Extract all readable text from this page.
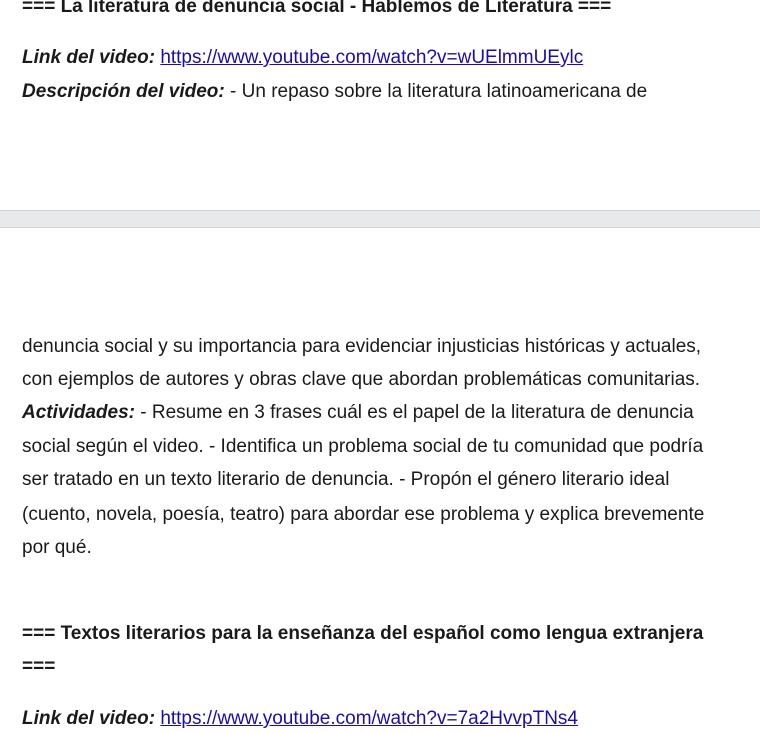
=== La literatura de denuncia social - Hablemos de Literatura ===
Link del video: https://www.youtube.com/watch?v=wUElmmUEylc
Descripción del video: - Un repaso sobre la literatura latinoamericana de
denuncia social y su importancia para evidenciar injusticias históricas y actuales,
con ejemplos de autores y obras clave que abordan problemáticas comunitarias.
Actividades: - Resume en 3 frases cuál es el papel de la literatura de denuncia
social según el video. - Identifica un problema social de tu comunidad que podría
ser tratado en un texto literario de denuncia. - Propón el género literario ideal
(cuento, novela, poesía, teatro) para abordar ese problema y explica brevemente
por qué.
=== Textos literarios para la enseñanza del español como lengua extranjera
===
Link del video: https://www.youtube.com/watch?v=7a2HvvpTNs4
